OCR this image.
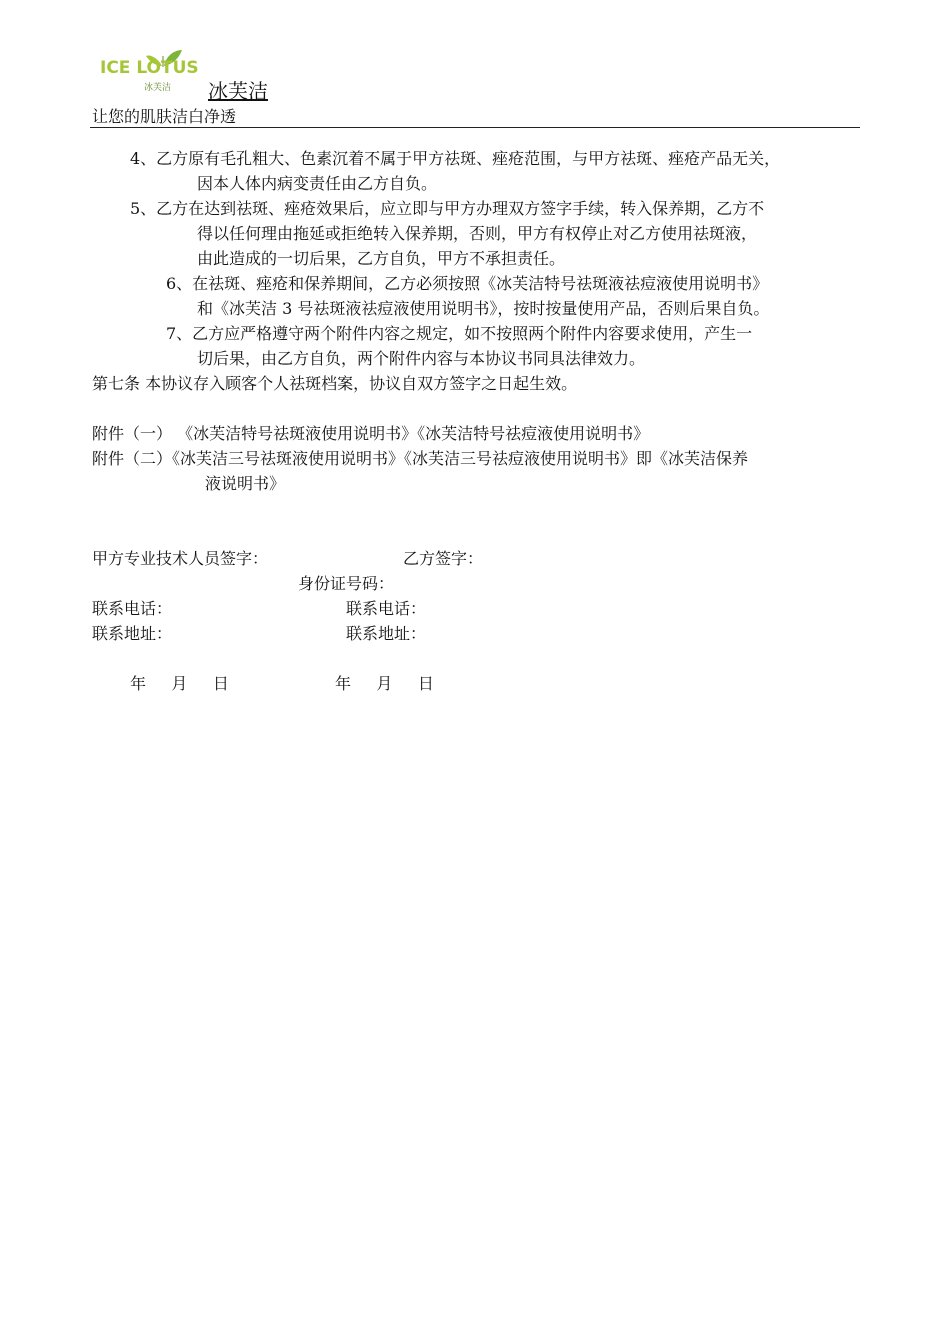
ICE LOTUS
冰芙洁 冰芙洁
让您的肌肤洁白净透
4、乙方原有毛孔粗大、色素沉着不属于甲方祛斑、痤疮范围，与甲方祛斑、痤疮产品无关，
因本人体内病变责任由乙方自负。
5、乙方在达到祛斑、痤疮效果后，应立即与甲方办理双方签字手续，转入保养期，乙方不
得以任何理由拖延或拒绝转入保养期，否则，甲方有权停止对乙方使用祛斑液，
由此造成的一切后果，乙方自负，甲方不承担责任。
6、在祛斑、痤疮和保养期间，乙方必须按照《冰芙洁特号祛斑液祛痘液使用说明书》
和《冰芙洁 3 号祛斑液祛痘液使用说明书》，按时按量使用产品，否则后果自负。
7、乙方应严格遵守两个附件内容之规定，如不按照两个附件内容要求使用，产生一
切后果，由乙方自负，两个附件内容与本协议书同具法律效力。
第七条 本协议存入顾客个人祛斑档案，协议自双方签字之日起生效。
附件（一） 《冰芙洁特号祛斑液使用说明书》《冰芙洁特号祛痘液使用说明书》
附件（二）《冰芙洁三号祛斑液使用说明书》《冰芙洁三号祛痘液使用说明书》即《冰芙洁保养
液说明书》
甲方专业技术人员签字：	乙方签字：
身份证号码：
联系电话：	联系电话：
联系地址：	联系地址：
年     月     日	年     月     日
